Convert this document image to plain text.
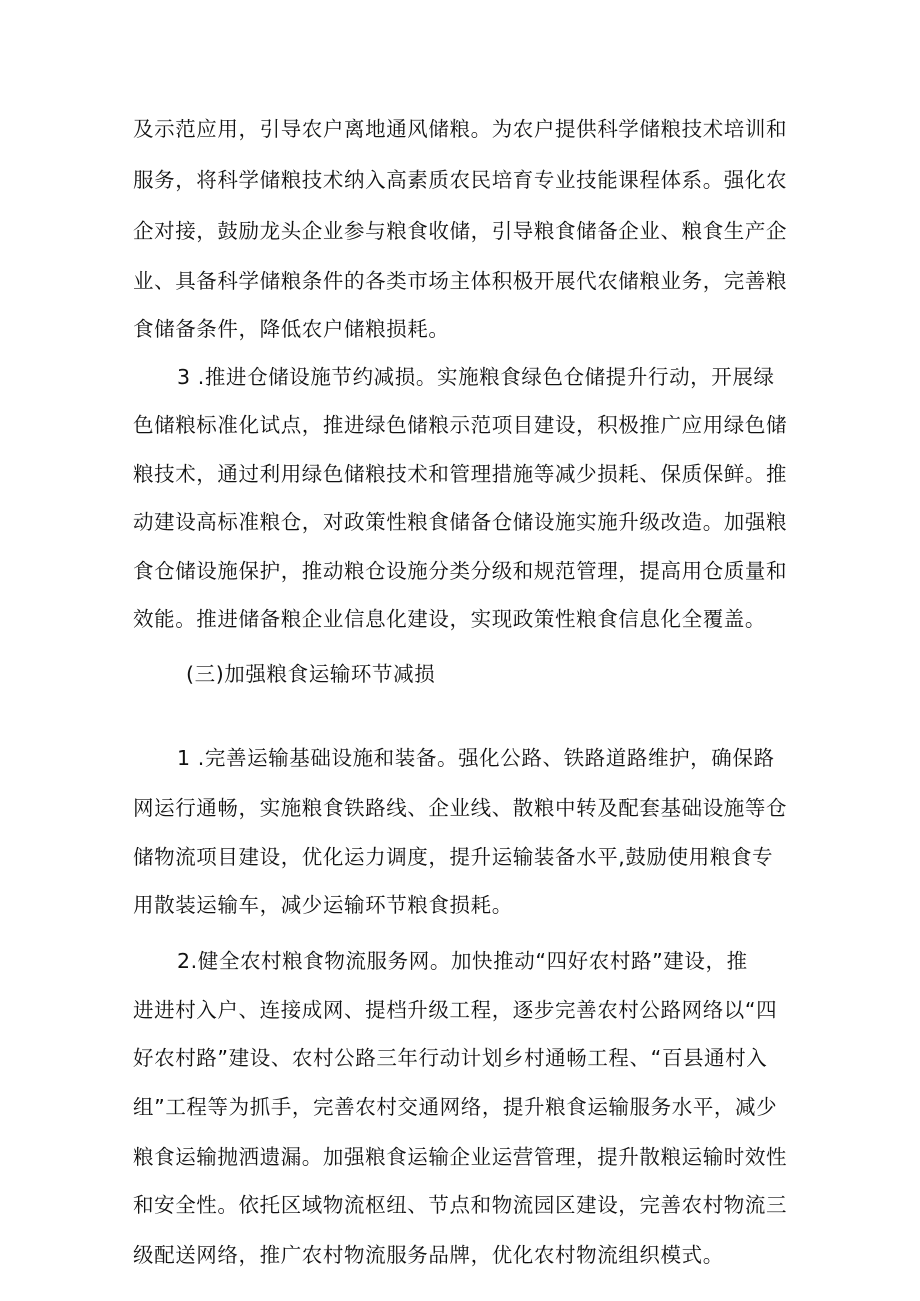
及示范应用，引导农户离地通风储粮。为农户提供科学储粮技术培训和
服务，将科学储粮技术纳入高素质农民培育专业技能课程体系。强化农
企对接，鼓励龙头企业参与粮食收储，引导粮食储备企业、粮食生产企
业、具备科学储粮条件的各类市场主体积极开展代农储粮业务，完善粮
食储备条件，降低农户储粮损耗。
3 .推进仓储设施节约减损。实施粮食绿色仓储提升行动，开展绿
色储粮标准化试点，推进绿色储粮示范项目建设，积极推广应用绿色储
粮技术，通过利用绿色储粮技术和管理措施等减少损耗、保质保鲜。推
动建设高标准粮仓，对政策性粮食储备仓储设施实施升级改造。加强粮
食仓储设施保护，推动粮仓设施分类分级和规范管理，提高用仓质量和
效能。推进储备粮企业信息化建设，实现政策性粮食信息化全覆盖。
(三)加强粮食运输环节减损
1 .完善运输基础设施和装备。强化公路、铁路道路维护，确保路
网运行通畅，实施粮食铁路线、企业线、散粮中转及配套基础设施等仓
储物流项目建设，优化运力调度，提升运输装备水平,鼓励使用粮食专
用散装运输车，减少运输环节粮食损耗。
2.健全农村粮食物流服务网。加快推动“四好农村路”建设，推
进进村入户、连接成网、提档升级工程，逐步完善农村公路网络以“四
好农村路”建设、农村公路三年行动计划乡村通畅工程、“百县通村入
组”工程等为抓手，完善农村交通网络，提升粮食运输服务水平，减少
粮食运输抛洒遗漏。加强粮食运输企业运营管理，提升散粮运输时效性
和安全性。依托区域物流枢纽、节点和物流园区建设，完善农村物流三
级配送网络，推广农村物流服务品牌，优化农村物流组织模式。
